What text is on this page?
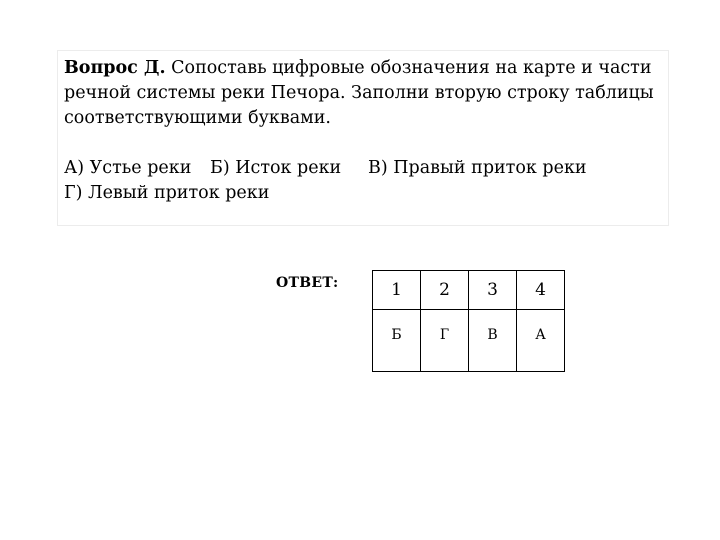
Вопрос Д. Сопоставь цифровые обозначения на карте и части речной системы реки Печора. Заполни вторую строку таблицы соответствующими буквами.

А) Устье реки Б) Исток реки В) Правый приток реки

Г) Левый приток реки

ОТВЕТ:	1	2	3	4
Б	Г	В	А
